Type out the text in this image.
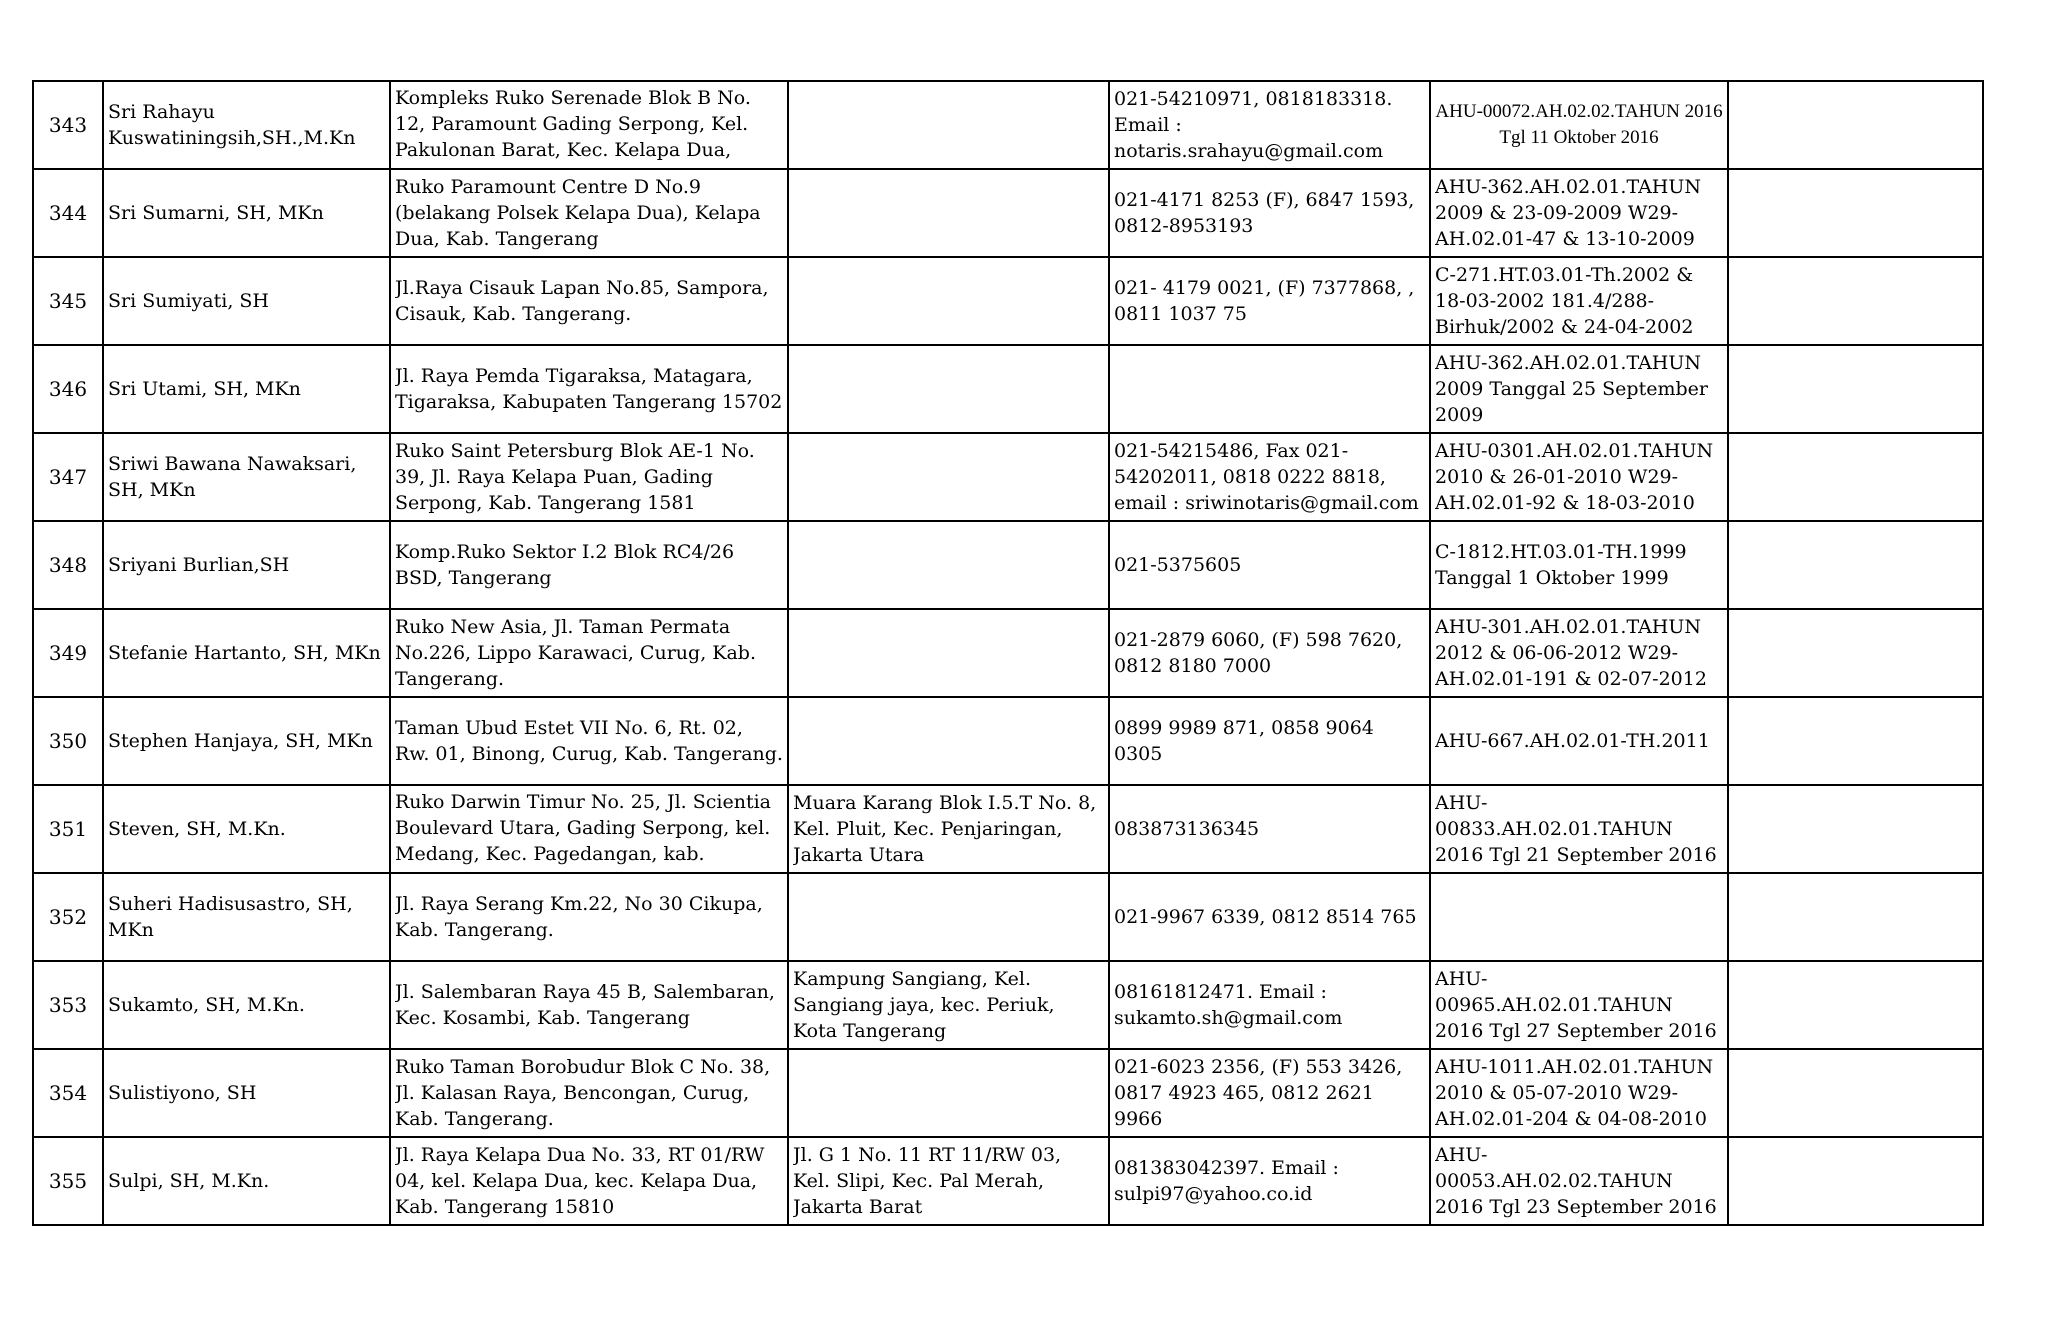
343	Sri Rahayu Kuswatiningsih,SH.,M.Kn	Kompleks Ruko Serenade Blok B No. 12, Paramount Gading Serpong, Kel. Pakulonan Barat, Kec. Kelapa Dua,		021-54210971, 0818183318. Email : notaris.srahayu@gmail.com	AHU-00072.AH.02.02.TAHUN 2016 Tgl 11 Oktober 2016	

344	Sri Sumarni, SH, MKn	Ruko Paramount Centre D No.9 (belakang Polsek Kelapa Dua), Kelapa Dua, Kab. Tangerang		021-4171 8253 (F), 6847 1593, 0812-8953193	AHU-362.AH.02.01.TAHUN 2009 & 23-09-2009 W29-AH.02.01-47 & 13-10-2009	

345	Sri Sumiyati, SH	Jl.Raya Cisauk Lapan No.85, Sampora, Cisauk, Kab. Tangerang.		021- 4179 0021, (F) 7377868, , 0811 1037 75	C-271.HT.03.01-Th.2002 & 18-03-2002 181.4/288-Birhuk/2002 & 24-04-2002	

346	Sri Utami, SH, MKn	Jl. Raya Pemda Tigaraksa, Matagara, Tigaraksa, Kabupaten Tangerang 15702			AHU-362.AH.02.01.TAHUN 2009 Tanggal 25 September 2009	

347	Sriwi Bawana Nawaksari, SH, MKn	Ruko Saint Petersburg Blok AE-1 No. 39, Jl. Raya Kelapa Puan, Gading Serpong, Kab. Tangerang 1581		021-54215486, Fax 021-54202011, 0818 0222 8818, email : sriwinotaris@gmail.com	AHU-0301.AH.02.01.TAHUN 2010 & 26-01-2010 W29-AH.02.01-92 & 18-03-2010	

348	Sriyani Burlian,SH	Komp.Ruko Sektor I.2 Blok RC4/26 BSD, Tangerang		021-5375605	C-1812.HT.03.01-TH.1999 Tanggal 1 Oktober 1999	

349	Stefanie Hartanto, SH, MKn	Ruko New Asia, Jl. Taman Permata No.226, Lippo Karawaci, Curug, Kab. Tangerang.		021-2879 6060, (F) 598 7620, 0812 8180 7000	AHU-301.AH.02.01.TAHUN 2012 & 06-06-2012 W29-AH.02.01-191 & 02-07-2012	

350	Stephen Hanjaya, SH, MKn	Taman Ubud Estet VII No. 6, Rt. 02, Rw. 01, Binong, Curug, Kab. Tangerang.		0899 9989 871, 0858 9064 0305	AHU-667.AH.02.01-TH.2011	

351	Steven, SH, M.Kn.	Ruko Darwin Timur No. 25, Jl. Scientia Boulevard Utara, Gading Serpong, kel. Medang, Kec. Pagedangan, kab.	Muara Karang Blok I.5.T No. 8, Kel. Pluit, Kec. Penjaringan, Jakarta Utara	083873136345	AHU-00833.AH.02.01.TAHUN 2016 Tgl 21 September 2016	

352	Suheri Hadisusastro, SH, MKn	Jl. Raya Serang Km.22, No 30 Cikupa, Kab. Tangerang.		021-9967 6339, 0812 8514 765		

353	Sukamto, SH, M.Kn.	Jl. Salembaran Raya 45 B, Salembaran, Kec. Kosambi, Kab. Tangerang	Kampung Sangiang, Kel. Sangiang jaya, kec. Periuk, Kota Tangerang	08161812471. Email : sukamto.sh@gmail.com	AHU-00965.AH.02.01.TAHUN 2016 Tgl 27 September 2016	

354	Sulistiyono, SH	Ruko Taman Borobudur Blok C No. 38, Jl. Kalasan Raya, Bencongan, Curug, Kab. Tangerang.		021-6023 2356, (F) 553 3426, 0817 4923 465, 0812 2621 9966	AHU-1011.AH.02.01.TAHUN 2010 & 05-07-2010 W29-AH.02.01-204 & 04-08-2010	

355	Sulpi, SH, M.Kn.	Jl. Raya Kelapa Dua No. 33, RT 01/RW 04, kel. Kelapa Dua, kec. Kelapa Dua, Kab. Tangerang 15810	Jl. G 1 No. 11 RT 11/RW 03, Kel. Slipi, Kec. Pal Merah, Jakarta Barat	081383042397. Email : sulpi97@yahoo.co.id	AHU-00053.AH.02.02.TAHUN 2016 Tgl 23 September 2016	
